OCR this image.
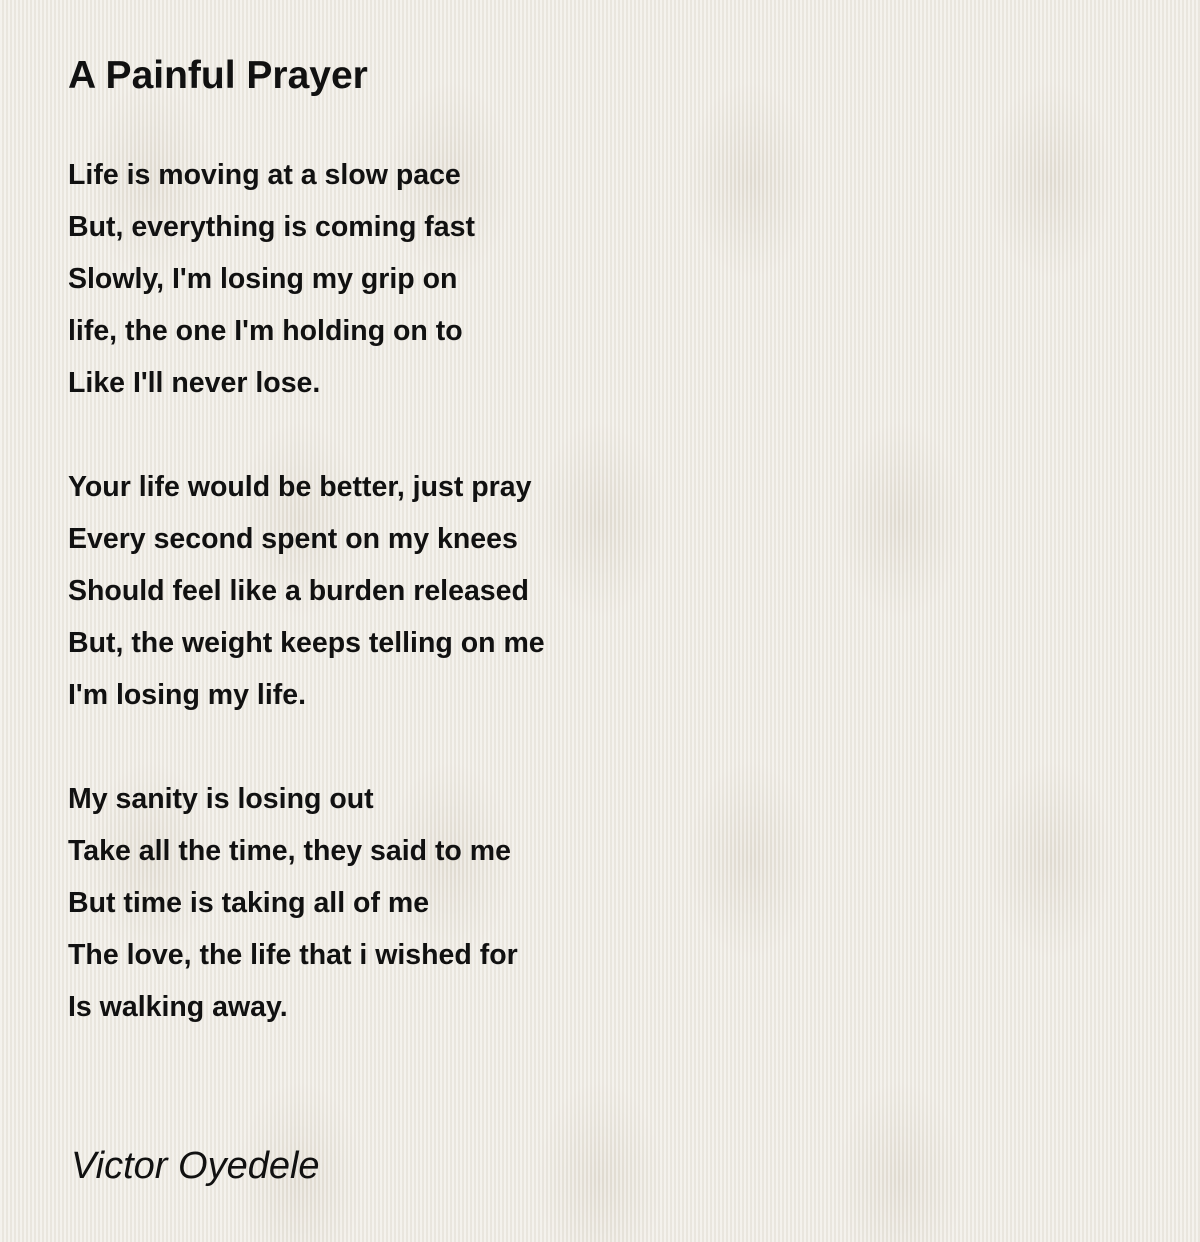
A Painful Prayer
Life is moving at a slow pace
But, everything is coming fast
Slowly, I'm losing my grip on
life, the one I'm holding on to
Like I'll never lose.
Your life would be better, just pray
Every second spent on my knees
Should feel like a burden released
But, the weight keeps telling on me
I'm losing my life.
My sanity is losing out
Take all the time, they said to me
But time is taking all of me
The love, the life that i wished for
Is walking away.

Victor Oyedele
